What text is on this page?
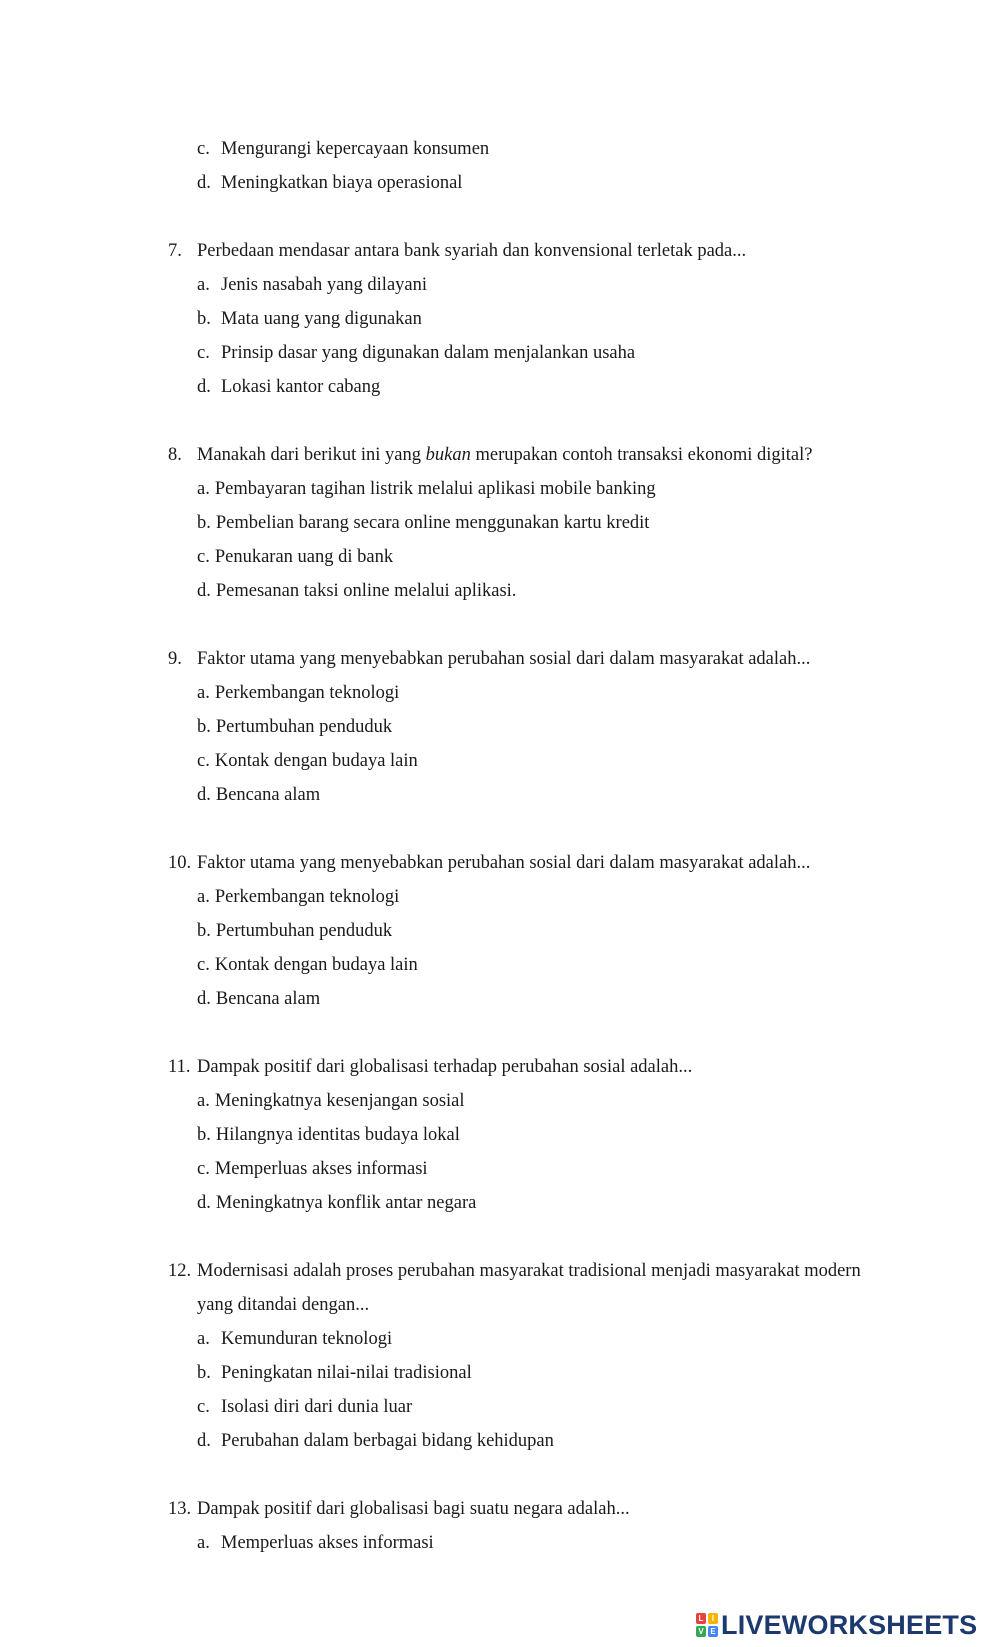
c. Mengurangi kepercayaan konsumen

d. Meningkatkan biaya operasional

7. Perbedaan mendasar antara bank syariah dan konvensional terletak pada...

a. Jenis nasabah yang dilayani

b. Mata uang yang digunakan

c. Prinsip dasar yang digunakan dalam menjalankan usaha

d. Lokasi kantor cabang

8. Manakah dari berikut ini yang bukan merupakan contoh transaksi ekonomi digital?

a. Pembayaran tagihan listrik melalui aplikasi mobile banking

b. Pembelian barang secara online menggunakan kartu kredit

c. Penukaran uang di bank

d. Pemesanan taksi online melalui aplikasi.

9. Faktor utama yang menyebabkan perubahan sosial dari dalam masyarakat adalah...

a. Perkembangan teknologi

b. Pertumbuhan penduduk

c. Kontak dengan budaya lain

d. Bencana alam

10. Faktor utama yang menyebabkan perubahan sosial dari dalam masyarakat adalah...

a. Perkembangan teknologi

b. Pertumbuhan penduduk

c. Kontak dengan budaya lain

d. Bencana alam

11. Dampak positif dari globalisasi terhadap perubahan sosial adalah...

a. Meningkatnya kesenjangan sosial

b. Hilangnya identitas budaya lokal

c. Memperluas akses informasi

d. Meningkatnya konflik antar negara

12. Modernisasi adalah proses perubahan masyarakat tradisional menjadi masyarakat modern

yang ditandai dengan...

a. Kemunduran teknologi

b. Peningkatan nilai-nilai tradisional

c. Isolasi diri dari dunia luar

d. Perubahan dalam berbagai bidang kehidupan

13. Dampak positif dari globalisasi bagi suatu negara adalah...

a. Memperluas akses informasi

L	I
V E LIVEWORKSHEETS
